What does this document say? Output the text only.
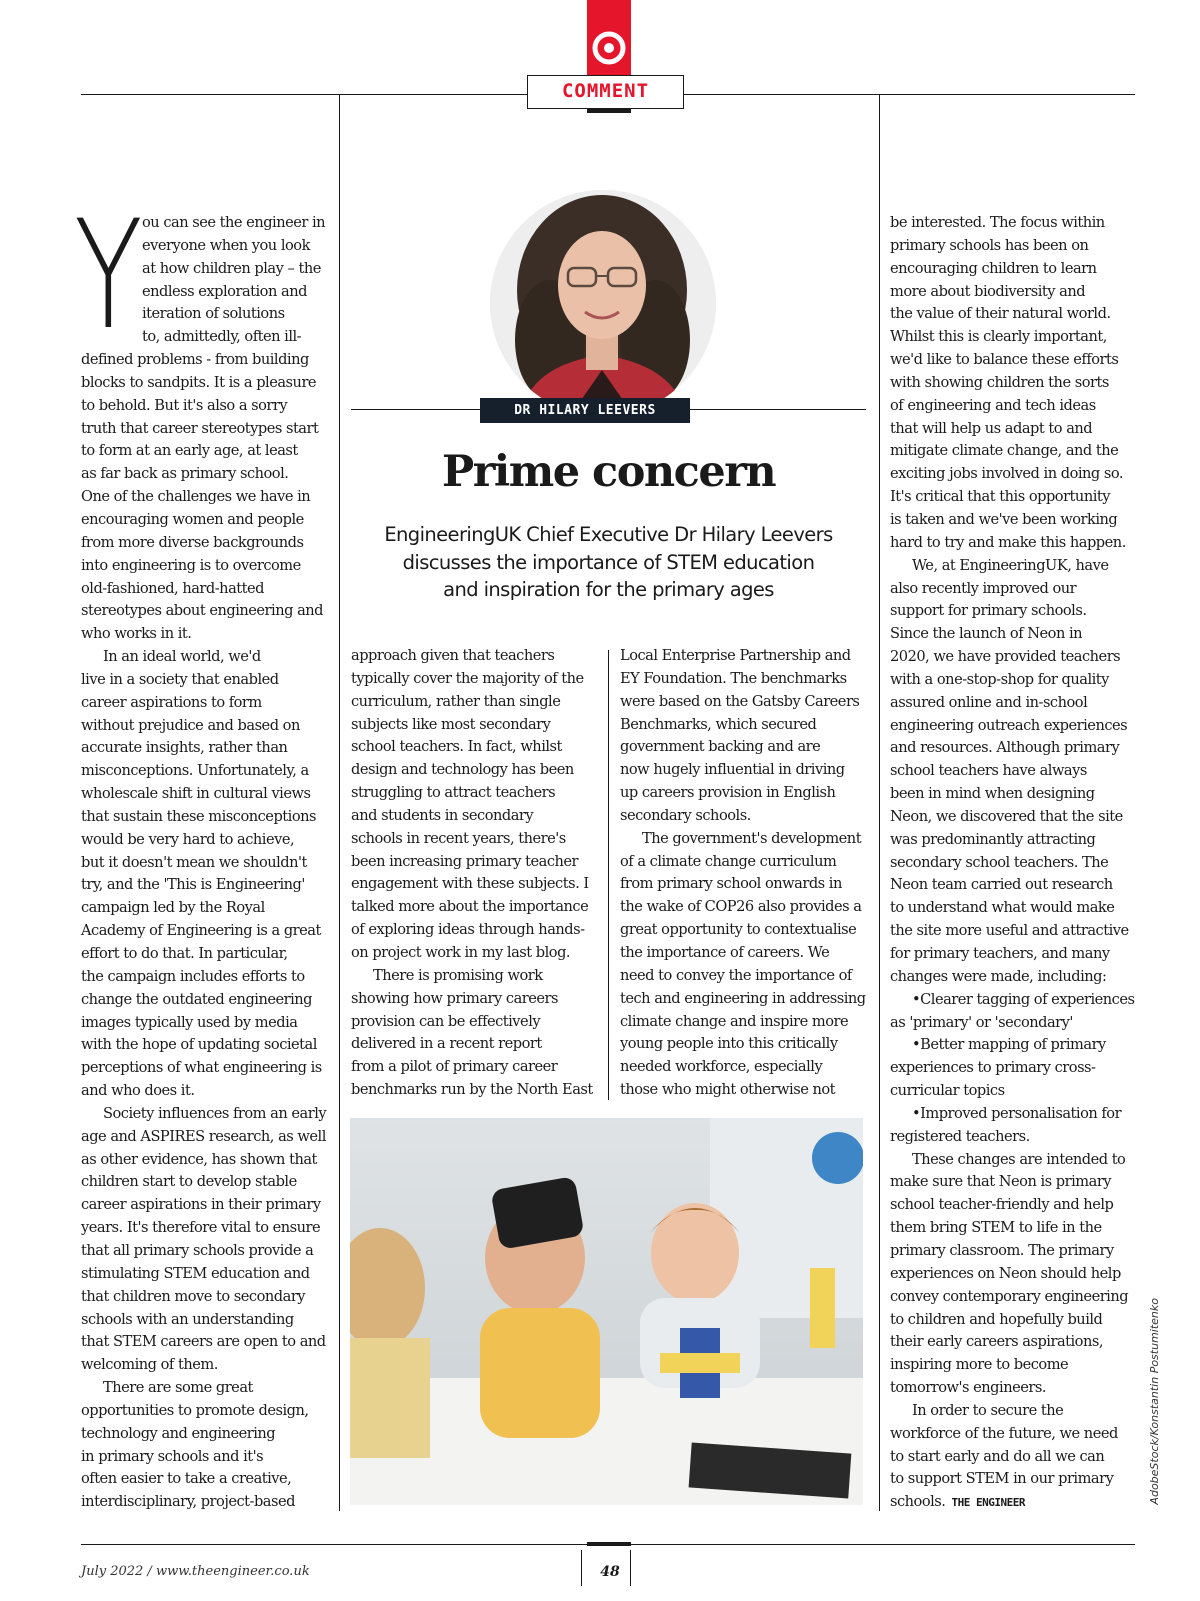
COMMENT
DR HILARY LEEVERS
Prime concern
EngineeringUK Chief Executive Dr Hilary Leevers
discusses the importance of STEM education
and inspiration for the primary ages
Y ou can see the engineer in
everyone when you look
at how children play – the
endless exploration and
iteration of solutions
to, admittedly, often ill-
defined problems - from building
blocks to sandpits. It is a pleasure
to behold. But it's also a sorry
truth that career stereotypes start
to form at an early age, at least
as far back as primary school.
One of the challenges we have in
encouraging women and people
from more diverse backgrounds
into engineering is to overcome
old-fashioned, hard-hatted
stereotypes about engineering and
who works in it.
In an ideal world, we'd
live in a society that enabled
career aspirations to form
without prejudice and based on
accurate insights, rather than
misconceptions. Unfortunately, a
wholescale shift in cultural views
that sustain these misconceptions
would be very hard to achieve,
but it doesn't mean we shouldn't
try, and the 'This is Engineering'
campaign led by the Royal
Academy of Engineering is a great
effort to do that. In particular,
the campaign includes efforts to
change the outdated engineering
images typically used by media
with the hope of updating societal
perceptions of what engineering is
and who does it.
Society influences from an early
age and ASPIRES research, as well
as other evidence, has shown that
children start to develop stable
career aspirations in their primary
years. It's therefore vital to ensure
that all primary schools provide a
stimulating STEM education and
that children move to secondary
schools with an understanding
that STEM careers are open to and
welcoming of them.
There are some great
opportunities to promote design,
technology and engineering
in primary schools and it's
often easier to take a creative,
interdisciplinary, project-based
approach given that teachers
typically cover the majority of the
curriculum, rather than single
subjects like most secondary
school teachers. In fact, whilst
design and technology has been
struggling to attract teachers
and students in secondary
schools in recent years, there's
been increasing primary teacher
engagement with these subjects. I
talked more about the importance
of exploring ideas through hands-
on project work in my last blog.
There is promising work
showing how primary careers
provision can be effectively
delivered in a recent report
from a pilot of primary career
benchmarks run by the North East
Local Enterprise Partnership and
EY Foundation. The benchmarks
were based on the Gatsby Careers
Benchmarks, which secured
government backing and are
now hugely influential in driving
up careers provision in English
secondary schools.
The government's development
of a climate change curriculum
from primary school onwards in
the wake of COP26 also provides a
great opportunity to contextualise
the importance of careers. We
need to convey the importance of
tech and engineering in addressing
climate change and inspire more
young people into this critically
needed workforce, especially
those who might otherwise not
be interested. The focus within
primary schools has been on
encouraging children to learn
more about biodiversity and
the value of their natural world.
Whilst this is clearly important,
we'd like to balance these efforts
with showing children the sorts
of engineering and tech ideas
that will help us adapt to and
mitigate climate change, and the
exciting jobs involved in doing so.
It's critical that this opportunity
is taken and we've been working
hard to try and make this happen.
We, at EngineeringUK, have
also recently improved our
support for primary schools.
Since the launch of Neon in
2020, we have provided teachers
with a one-stop-shop for quality
assured online and in-school
engineering outreach experiences
and resources. Although primary
school teachers have always
been in mind when designing
Neon, we discovered that the site
was predominantly attracting
secondary school teachers. The
Neon team carried out research
to understand what would make
the site more useful and attractive
for primary teachers, and many
changes were made, including:
•Clearer tagging of experiences
as 'primary' or 'secondary'
•Better mapping of primary
experiences to primary cross-
curricular topics
•Improved personalisation for
registered teachers.
These changes are intended to
make sure that Neon is primary
school teacher-friendly and help
them bring STEM to life in the
primary classroom. The primary
experiences on Neon should help
convey contemporary engineering
to children and hopefully build
their early careers aspirations,
inspiring more to become
tomorrow's engineers.
In order to secure the
workforce of the future, we need
to start early and do all we can
to support STEM in our primary
schools. THE ENGINEER	AdobeStock/Konstantin Postumitenko
July 2022 / www.theengineer.co.uk	48
